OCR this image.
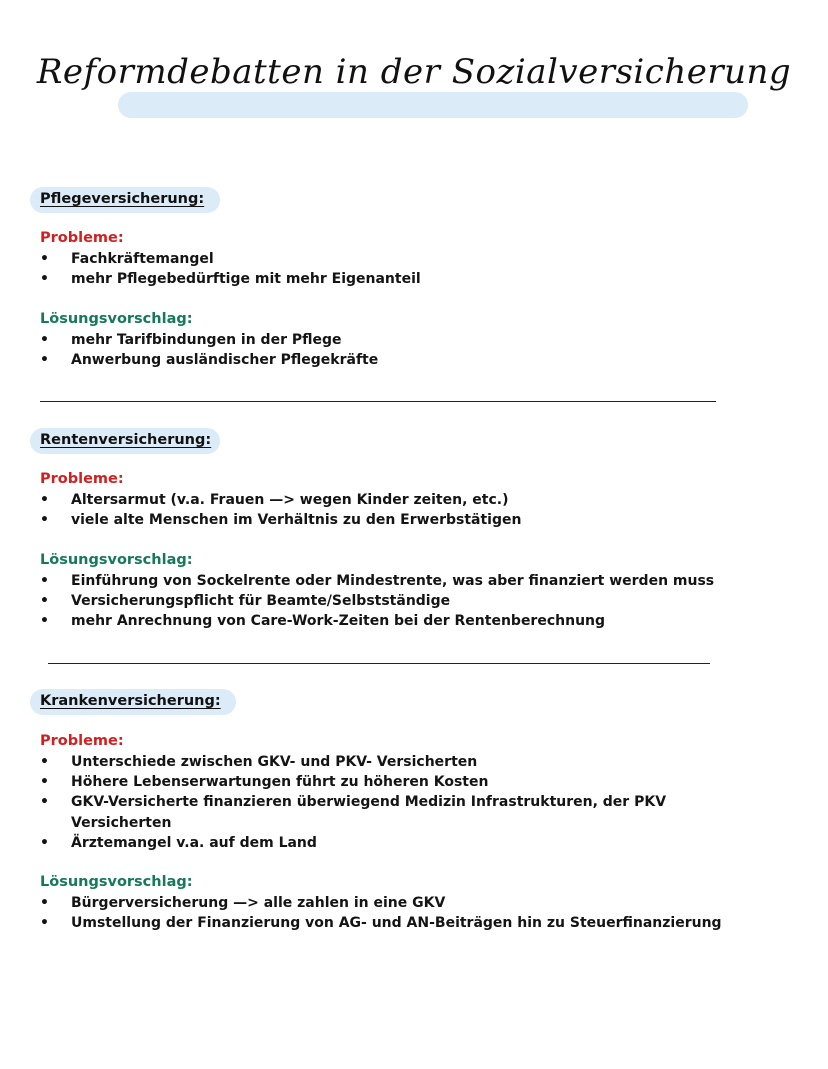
Reformdebatten in der Sozialversicherung
Pflegeversicherung:
Probleme:
• Fachkräftemangel
• mehr Pflegebedürftige mit mehr Eigenanteil
Lösungsvorschlag:
• mehr Tarifbindungen in der Pflege
• Anwerbung ausländischer Pflegekräfte
Rentenversicherung:
Probleme:
• Altersarmut (v.a. Frauen —> wegen Kinder zeiten, etc.)
• viele alte Menschen im Verhältnis zu den Erwerbstätigen
Lösungsvorschlag:
• Einführung von Sockelrente oder Mindestrente, was aber finanziert werden muss
• Versicherungspflicht für Beamte/Selbstständige
• mehr Anrechnung von Care-Work-Zeiten bei der Rentenberechnung
Krankenversicherung:
Probleme:
• Unterschiede zwischen GKV- und PKV- Versicherten
• Höhere Lebenserwartungen führt zu höheren Kosten
• GKV-Versicherte finanzieren überwiegend Medizin Infrastrukturen, der PKV Versicherten
• Ärztemangel v.a. auf dem Land
Lösungsvorschlag:
• Bürgerversicherung —> alle zahlen in eine GKV
• Umstellung der Finanzierung von AG- und AN-Beiträgen hin zu Steuerfinanzierung
